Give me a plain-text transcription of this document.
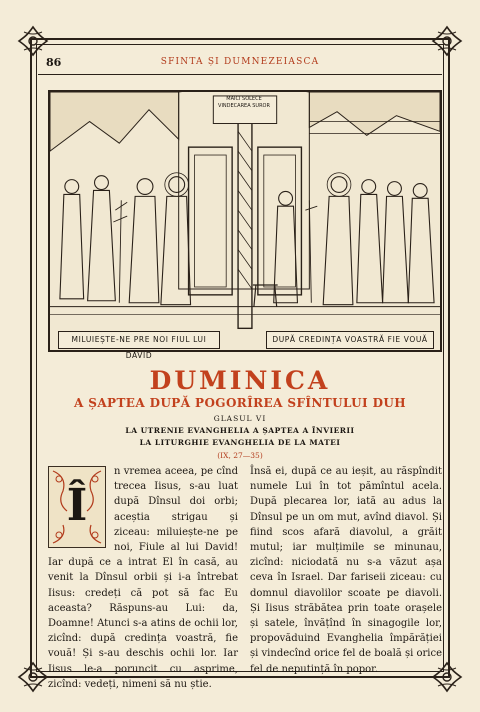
86	SFINTA ȘI DUMNEZEIASCA
MILUIEȘTE-NE PRE NOI FIUL LUI DAVID
DUPĂ CREDINȚA VOASTRĂ FIE VOUĂ
MAICI SOLECE VINDECAREA SUROR
DUMINICA
A ȘAPTEA DUPĂ POGORÎREA SFÎNTULUI DUH
GLASUL VI
LA UTRENIE EVANGHELIA A ȘAPTEA A ÎNVIERII
LA LITURGHIE EVANGHELIA DE LA MATEI
(IX, 27—35)
Î

n vremea aceea, pe cînd trecea Iisus, s-au luat după Dînsul doi orbi; aceștia strigau și ziceau: miluiește-ne pe noi, Fiule al lui David! Iar după ce a intrat El în casă, au venit la Dînsul orbii și i-a întrebat Iisus: credeți că pot să fac Eu aceasta? Răspuns-au Lui: da, Doamne! Atunci s-a atins de ochii lor, zicînd: după credința voastră, fie vouă! Și s-au deschis ochii lor. Iar Iisus le-a poruncit cu asprime, zicînd: vedeți, nimeni să nu știe.

Însă ei, după ce au ieșit, au răspîndit numele Lui în tot pămîntul acela. După plecarea lor, iată au adus la Dînsul pe un om mut, avînd diavol. Și fiind scos afară diavolul, a grăit mutul; iar mulțimile se minunau, zicînd: niciodată nu s-a văzut așa ceva în Israel. Dar fariseii ziceau: cu domnul diavolilor scoate pe diavoli. Și Iisus străbătea prin toate orașele și satele, învățînd în sinagogile lor, propovăduind Evanghelia împărăției și vindecînd orice fel de boală și orice fel de neputință în popor.
